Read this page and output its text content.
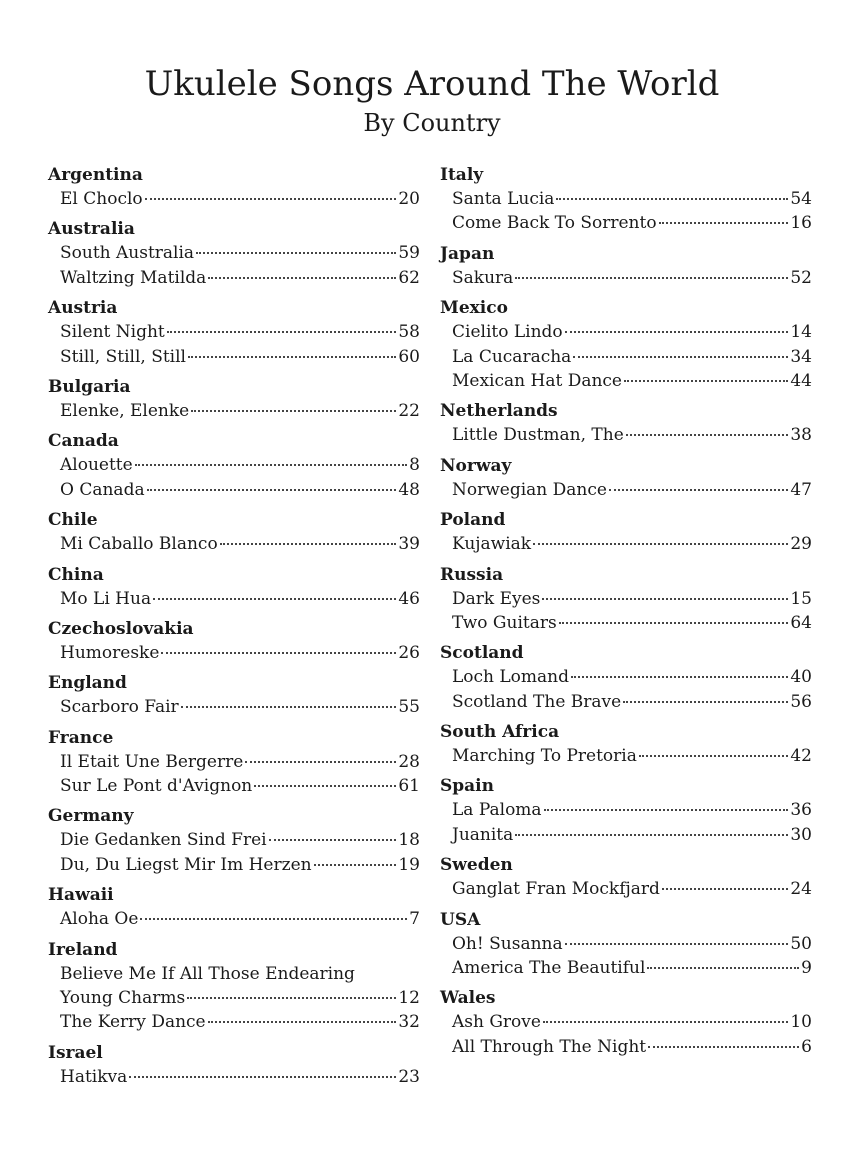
Ukulele Songs Around The World
By Country
Argentina
El Choclo	20
Australia
South Australia	59
Waltzing Matilda	62
Austria
Silent Night	58
Still, Still, Still	60
Bulgaria
Elenke, Elenke	22
Canada
Alouette	8
O Canada	48
Chile
Mi Caballo Blanco	39
China
Mo Li Hua	46
Czechoslovakia
Humoreske	26
England
Scarboro Fair	55
France
Il Etait Une Bergerre	28
Sur Le Pont d'Avignon	61
Germany
Die Gedanken Sind Frei	18
Du, Du Liegst Mir Im Herzen	19
Hawaii
Aloha Oe	7
Ireland
Believe Me If All Those Endearing
Young Charms	12
The Kerry Dance	32
Israel
Hatikva	23
Italy
Santa Lucia	54
Come Back To Sorrento	16
Japan
Sakura	52
Mexico
Cielito Lindo	14
La Cucaracha	34
Mexican Hat Dance	44
Netherlands
Little Dustman, The	38
Norway
Norwegian Dance	47
Poland
Kujawiak	29
Russia
Dark Eyes	15
Two Guitars	64
Scotland
Loch Lomand	40
Scotland The Brave	56
South Africa
Marching To Pretoria	42
Spain
La Paloma	36
Juanita	30
Sweden
Ganglat Fran Mockfjard	24
USA
Oh! Susanna	50
America The Beautiful	9
Wales
Ash Grove	10
All Through The Night	6
